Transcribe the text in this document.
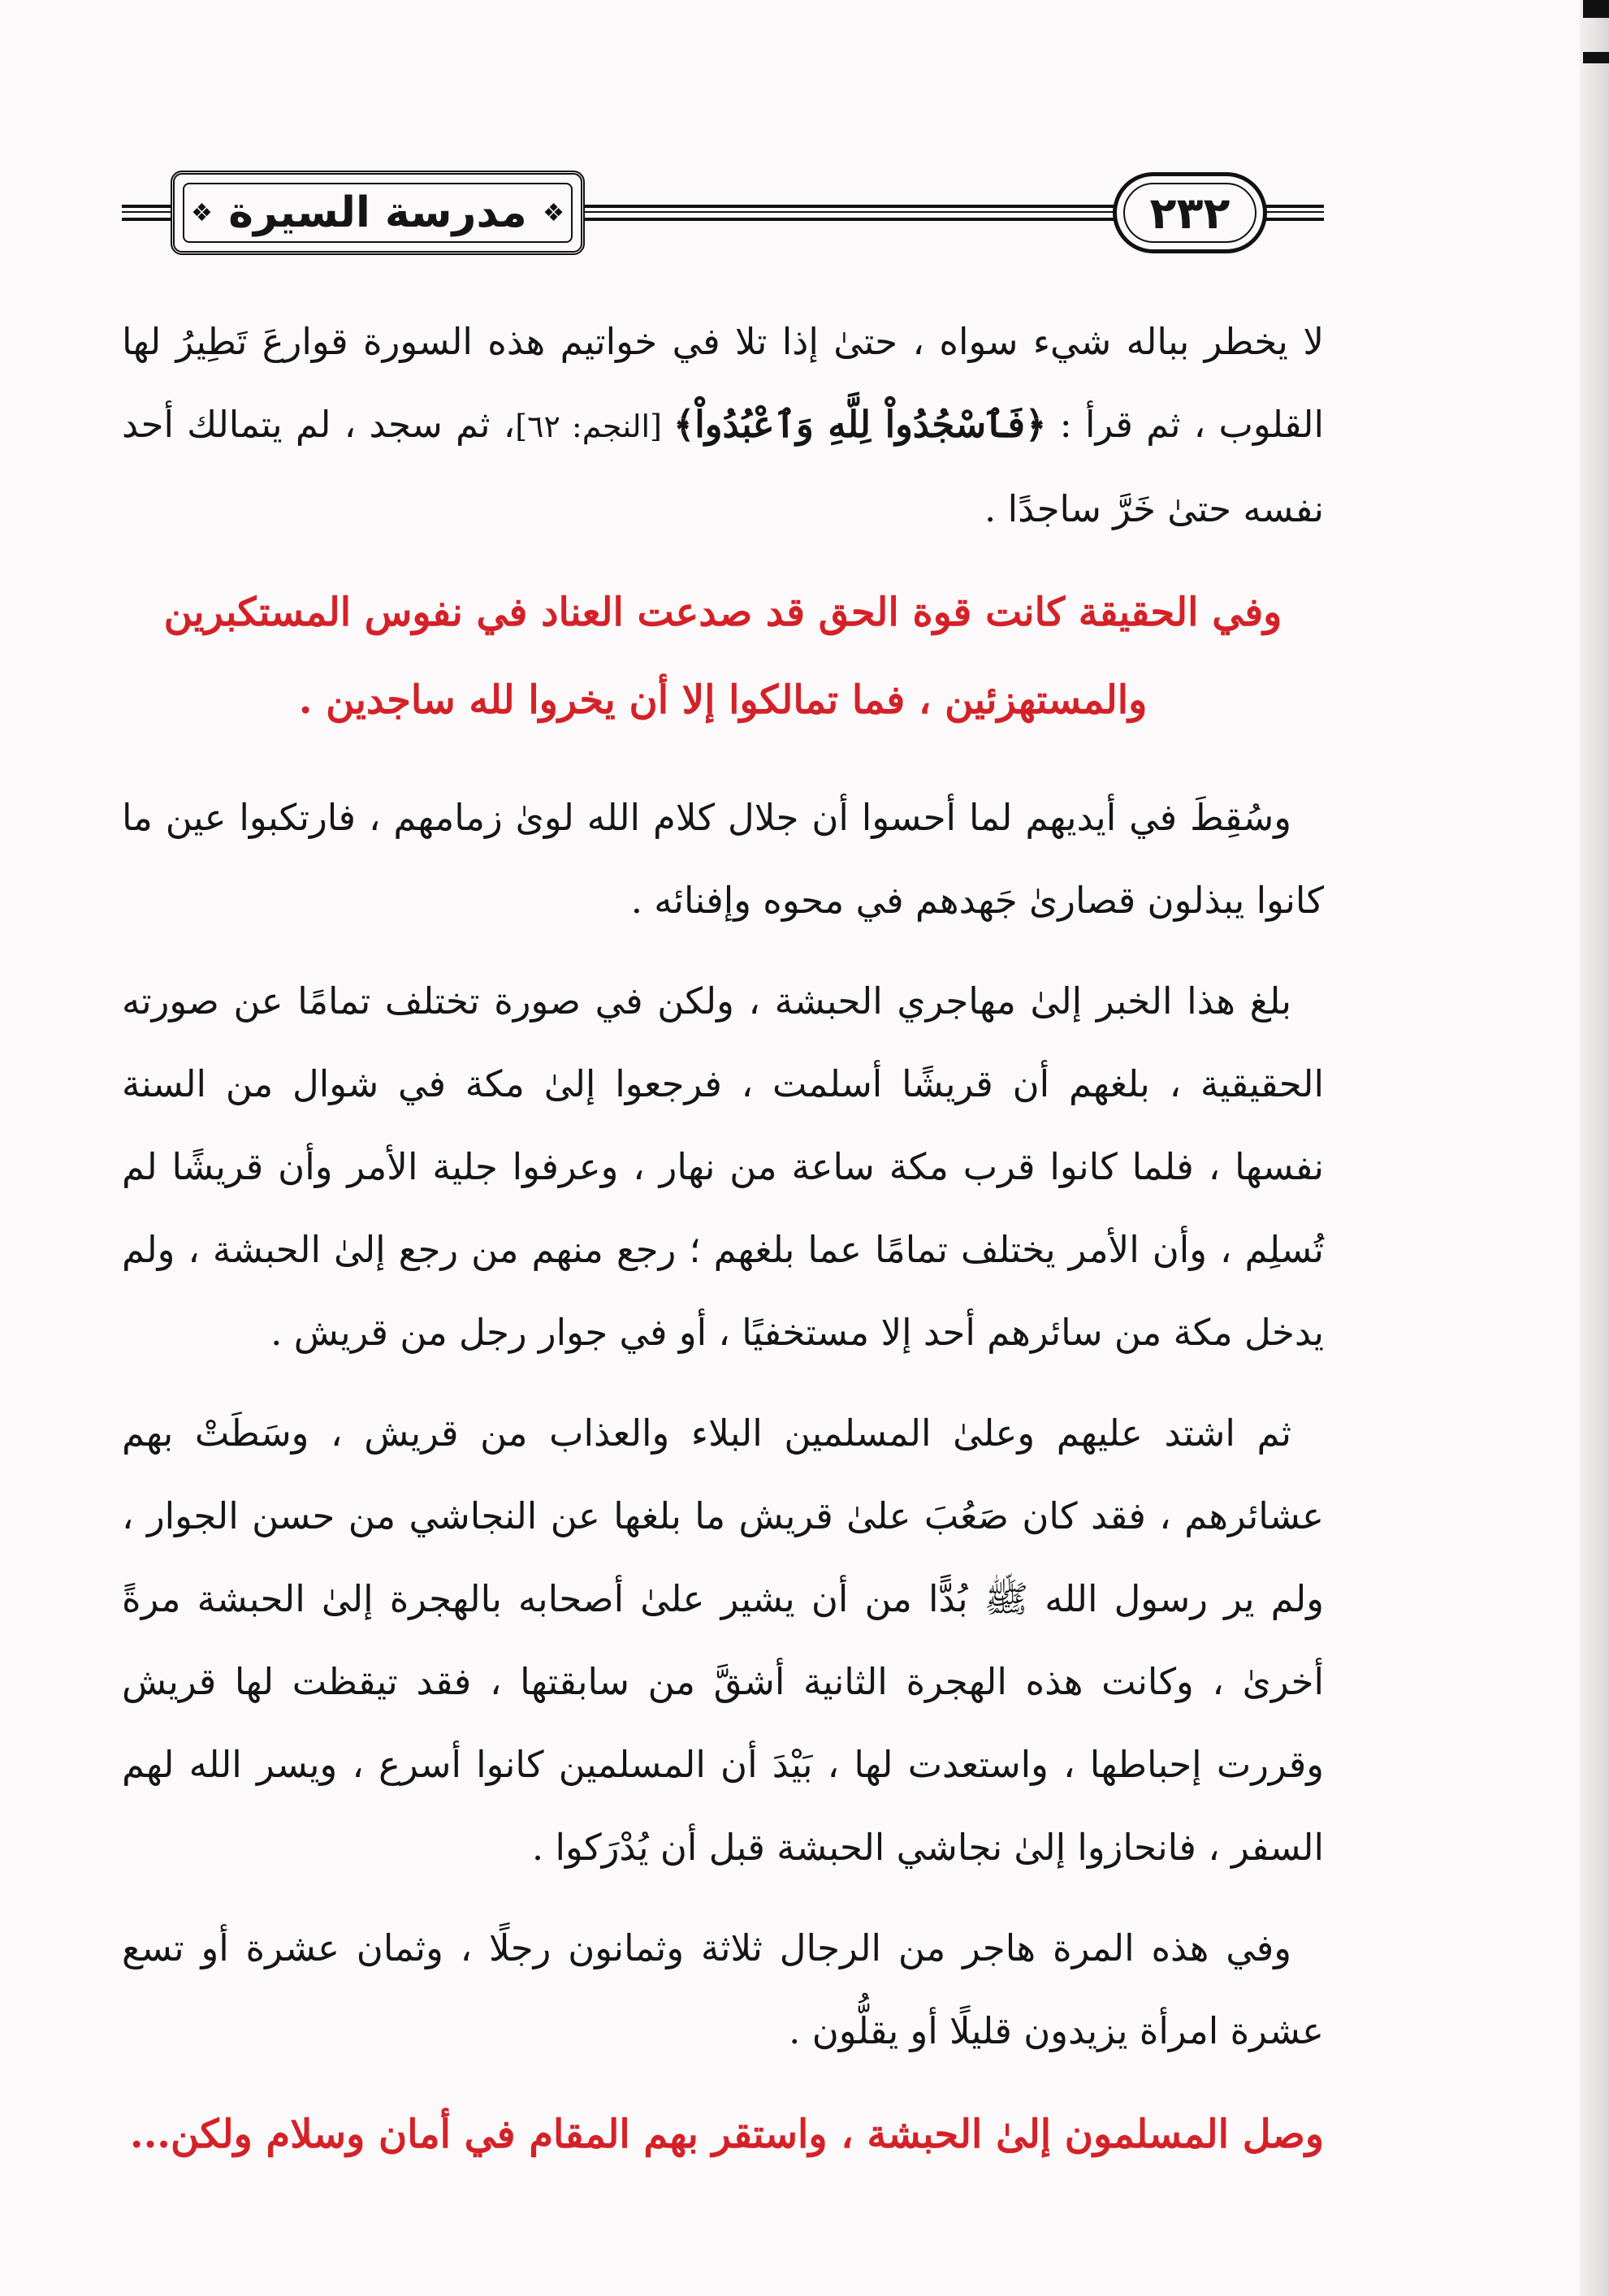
❖ مدرسة السيرة ❖	٢٣٢

لا يخطر بباله شيء سواه ، حتىٰ إذا تلا في خواتيم هذه السورة قوارعَ تَطِيرُ لها القلوب ، ثم قرأ : ﴿فَٱسْجُدُواْ لِلَّهِ وَٱعْبُدُواْ﴾ [النجم: ٦٢]، ثم سجد ، لم يتمالك أحد نفسه حتىٰ خَرَّ ساجدًا .

وفي الحقيقة كانت قوة الحق قد صدعت العناد في نفوس المستكبرين والمستهزئين ، فما تمالكوا إلا أن يخروا لله ساجدين .

وسُقِطَ في أيديهم لما أحسوا أن جلال كلام الله لوىٰ زمامهم ، فارتكبوا عين ما كانوا يبذلون قصارىٰ جَهدهم في محوه وإفنائه .

بلغ هذا الخبر إلىٰ مهاجري الحبشة ، ولكن في صورة تختلف تمامًا عن صورته الحقيقية ، بلغهم أن قريشًا أسلمت ، فرجعوا إلىٰ مكة في شوال من السنة نفسها ، فلما كانوا قرب مكة ساعة من نهار ، وعرفوا جلية الأمر وأن قريشًا لم تُسلِم ، وأن الأمر يختلف تمامًا عما بلغهم ؛ رجع منهم من رجع إلىٰ الحبشة ، ولم يدخل مكة من سائرهم أحد إلا مستخفيًا ، أو في جوار رجل من قريش .

ثم اشتد عليهم وعلىٰ المسلمين البلاء والعذاب من قريش ، وسَطَتْ بهم عشائرهم ، فقد كان صَعُبَ علىٰ قريش ما بلغها عن النجاشي من حسن الجوار ، ولم ير رسول الله ﷺ بُدًّا من أن يشير علىٰ أصحابه بالهجرة إلىٰ الحبشة مرةً أخرىٰ ، وكانت هذه الهجرة الثانية أشقَّ من سابقتها ، فقد تيقظت لها قريش وقررت إحباطها ، واستعدت لها ، بَيْدَ أن المسلمين كانوا أسرع ، ويسر الله لهم السفر ، فانحازوا إلىٰ نجاشي الحبشة قبل أن يُدْرَكوا .

وفي هذه المرة هاجر من الرجال ثلاثة وثمانون رجلًا ، وثمان عشرة أو تسع عشرة امرأة يزيدون قليلًا أو يقلُّون .

وصل المسلمون إلىٰ الحبشة ، واستقر بهم المقام في أمان وسلام ولكن...
